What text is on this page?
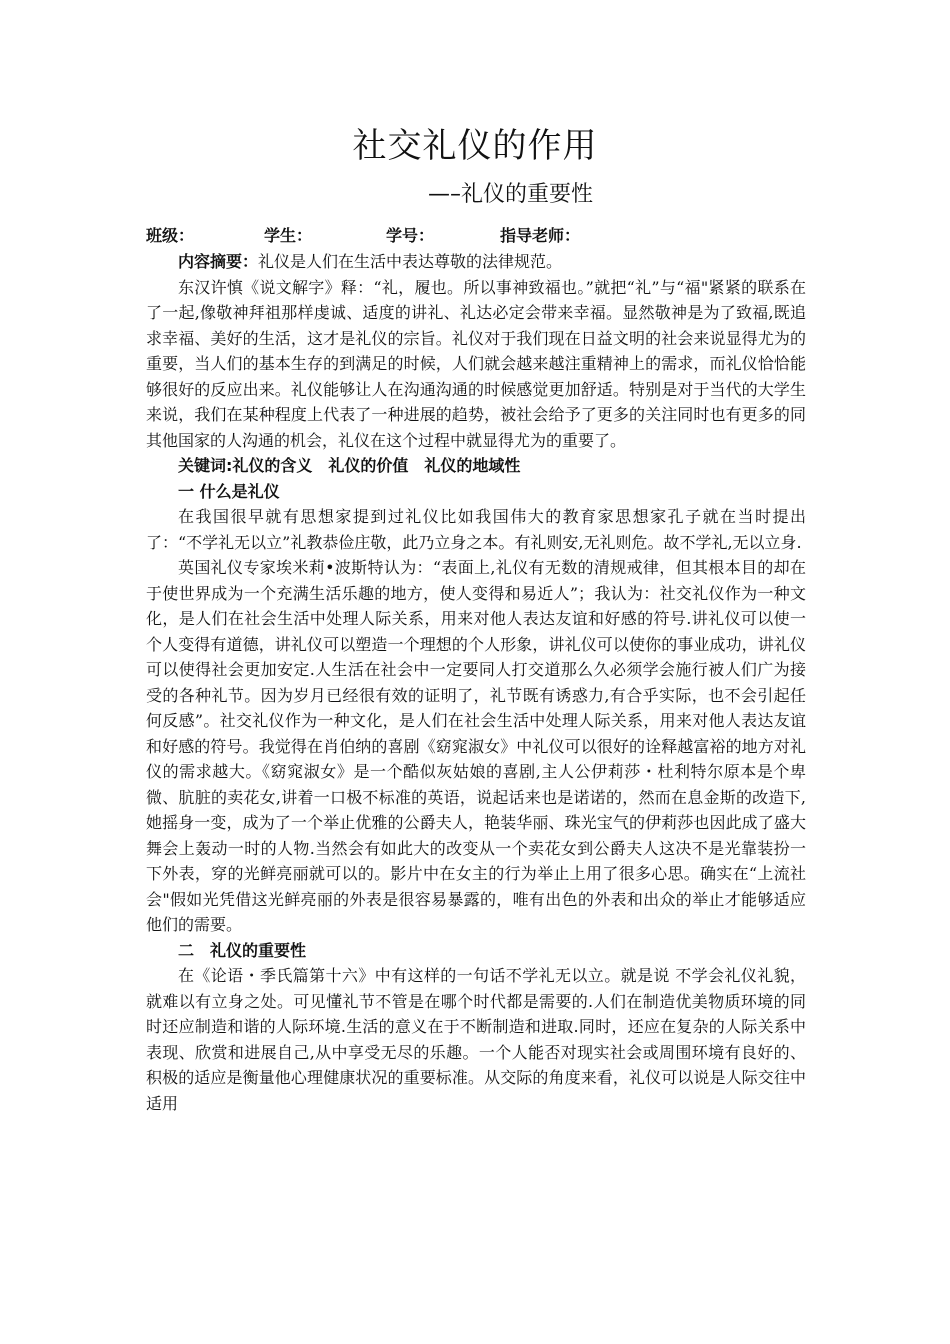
社交礼仪的作用
—–礼仪的重要性
班级：	学生：	学号：	指导老师：

内容摘要：礼仪是人们在生活中表达尊敬的法律规范。

东汉许慎《说文解字》释：“礼，履也。所以事神致福也。”就把“礼”与“福"紧紧的联系在了一起,像敬神拜祖那样虔诚、适度的讲礼、礼达必定会带来幸福。显然敬神是为了致福,既追求幸福、美好的生活，这才是礼仪的宗旨。礼仪对于我们现在日益文明的社会来说显得尤为的重要，当人们的基本生存的到满足的时候，人们就会越来越注重精神上的需求，而礼仪恰恰能够很好的反应出来。礼仪能够让人在沟通沟通的时候感觉更加舒适。特别是对于当代的大学生来说，我们在某种程度上代表了一种进展的趋势，被社会给予了更多的关注同时也有更多的同其他国家的人沟通的机会，礼仪在这个过程中就显得尤为的重要了。

关键词:礼仪的含义　礼仪的价值　礼仪的地域性

一 什么是礼仪

在我国很早就有思想家提到过礼仪比如我国伟大的教育家思想家孔子就在当时提出了：“不学礼无以立”礼教恭俭庄敬，此乃立身之本。有礼则安,无礼则危。故不学礼,无以立身.

英国礼仪专家埃米莉•波斯特认为：“表面上,礼仪有无数的清规戒律，但其根本目的却在于使世界成为一个充满生活乐趣的地方，使人变得和易近人”；我认为：社交礼仪作为一种文化，是人们在社会生活中处理人际关系，用来对他人表达友谊和好感的符号.讲礼仪可以使一个人变得有道德，讲礼仪可以塑造一个理想的个人形象，讲礼仪可以使你的事业成功，讲礼仪可以使得社会更加安定.人生活在社会中一定要同人打交道那么久必须学会施行被人们广为接受的各种礼节。因为岁月已经很有效的证明了，礼节既有诱惑力,有合乎实际，也不会引起任何反感”。社交礼仪作为一种文化，是人们在社会生活中处理人际关系，用来对他人表达友谊和好感的符号。我觉得在肖伯纳的喜剧《窈窕淑女》中礼仪可以很好的诠释越富裕的地方对礼仪的需求越大。《窈窕淑女》是一个酷似灰姑娘的喜剧,主人公伊莉莎・杜利特尔原本是个卑微、肮脏的卖花女,讲着一口极不标准的英语，说起话来也是诺诺的，然而在息金斯的改造下,她摇身一变，成为了一个举止优雅的公爵夫人，艳装华丽、珠光宝气的伊莉莎也因此成了盛大舞会上轰动一时的人物.当然会有如此大的改变从一个卖花女到公爵夫人这决不是光靠装扮一下外表，穿的光鲜亮丽就可以的。影片中在女主的行为举止上用了很多心思。确实在“上流社会"假如光凭借这光鲜亮丽的外表是很容易暴露的，唯有出色的外表和出众的举止才能够适应他们的需要。

二　礼仪的重要性

在《论语・季氏篇第十六》中有这样的一句话不学礼无以立。就是说 不学会礼仪礼貌，就难以有立身之处。可见懂礼节不管是在哪个时代都是需要的.人们在制造优美物质环境的同时还应制造和谐的人际环境.生活的意义在于不断制造和进取.同时，还应在复杂的人际关系中表现、欣赏和进展自己,从中享受无尽的乐趣。一个人能否对现实社会或周围环境有良好的、积极的适应是衡量他心理健康状况的重要标准。从交际的角度来看，礼仪可以说是人际交往中适用
